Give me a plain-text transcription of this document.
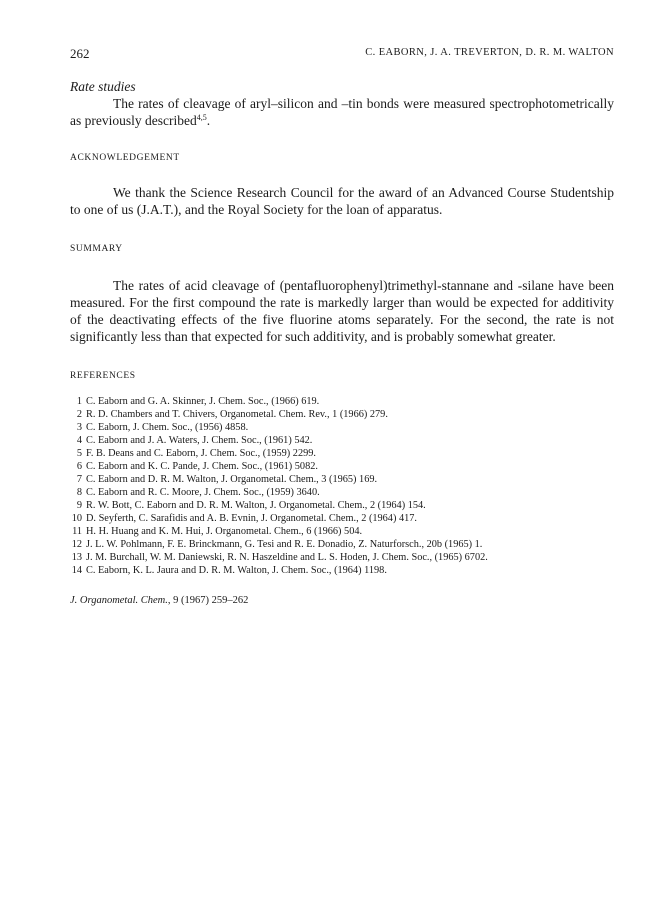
262	C. EABORN, J. A. TREVERTON, D. R. M. WALTON

Rate studies

The rates of cleavage of aryl–silicon and –tin bonds were measured spectrophotometrically as previously described$^{4,5}$.

ACKNOWLEDGEMENT

We thank the Science Research Council for the award of an Advanced Course Studentship to one of us (J.A.T.), and the Royal Society for the loan of apparatus.

SUMMARY

The rates of acid cleavage of (pentafluorophenyl)trimethyl-stannane and -silane have been measured. For the first compound the rate is markedly larger than would be expected for additivity of the deactivating effects of the five fluorine atoms separately. For the second, the rate is not significantly less than that expected for such additivity, and is probably somewhat greater.

REFERENCES

1 C. Eaborn and G. A. Skinner, J. Chem. Soc., (1966) 619.
2 R. D. Chambers and T. Chivers, Organometal. Chem. Rev., 1 (1966) 279.
3 C. Eaborn, J. Chem. Soc., (1956) 4858.
4 C. Eaborn and J. A. Waters, J. Chem. Soc., (1961) 542.
5 F. B. Deans and C. Eaborn, J. Chem. Soc., (1959) 2299.
6 C. Eaborn and K. C. Pande, J. Chem. Soc., (1961) 5082.
7 C. Eaborn and D. R. M. Walton, J. Organometal. Chem., 3 (1965) 169.
8 C. Eaborn and R. C. Moore, J. Chem. Soc., (1959) 3640.
9 R. W. Bott, C. Eaborn and D. R. M. Walton, J. Organometal. Chem., 2 (1964) 154.
10 D. Seyferth, C. Sarafidis and A. B. Evnin, J. Organometal. Chem., 2 (1964) 417.
11 H. H. Huang and K. M. Hui, J. Organometal. Chem., 6 (1966) 504.
12 J. L. W. Pohlmann, F. E. Brinckmann, G. Tesi and R. E. Donadio, Z. Naturforsch., 20b (1965) 1.
13 J. M. Burchall, W. M. Daniewski, R. N. Haszeldine and L. S. Hoden, J. Chem. Soc., (1965) 6702.
14 C. Eaborn, K. L. Jaura and D. R. M. Walton, J. Chem. Soc., (1964) 1198.

J. Organometal. Chem., 9 (1967) 259–262
